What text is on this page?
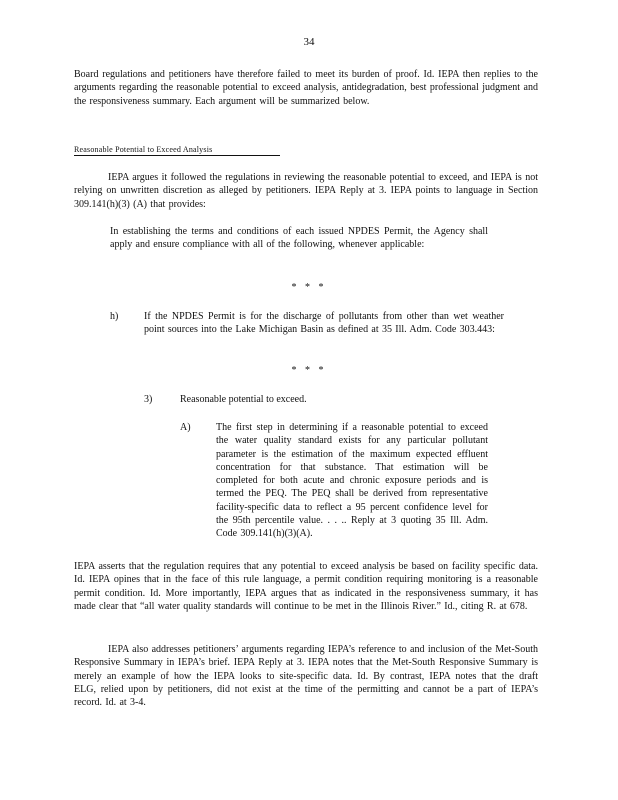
34

Board regulations and petitioners have therefore failed to meet its burden of proof. Id. IEPA then replies to the arguments regarding the reasonable potential to exceed analysis, antidegradation, best professional judgment and the responsiveness summary. Each argument will be summarized below.

Reasonable Potential to Exceed Analysis

IEPA argues it followed the regulations in reviewing the reasonable potential to exceed, and IEPA is not relying on unwritten discretion as alleged by petitioners. IEPA Reply at 3. IEPA points to language in Section 309.141(h)(3) (A) that provides:

In establishing the terms and conditions of each issued NPDES Permit, the Agency shall apply and ensure compliance with all of the following, whenever applicable:

* * *
h)	If the NPDES Permit is for the discharge of pollutants from other than wet weather point sources into the Lake Michigan Basin as defined at 35 Ill. Adm. Code 303.443:

* * *
3)	Reasonable potential to exceed.
A)	The first step in determining if a reasonable potential to exceed the water quality standard exists for any particular pollutant parameter is the estimation of the maximum expected effluent concentration for that substance. That estimation will be completed for both acute and chronic exposure periods and is termed the PEQ. The PEQ shall be derived from representative facility-specific data to reflect a 95 percent confidence level for the 95th percentile value. . . .. Reply at 3 quoting 35 Ill. Adm. Code 309.141(h)(3)(A).

IEPA asserts that the regulation requires that any potential to exceed analysis be based on facility specific data. Id. IEPA opines that in the face of this rule language, a permit condition requiring monitoring is a reasonable permit condition. Id. More importantly, IEPA argues that as indicated in the responsiveness summary, it has made clear that “all water quality standards will continue to be met in the Illinois River.” Id., citing R. at 678.

IEPA also addresses petitioners’ arguments regarding IEPA’s reference to and inclusion of the Met-South Responsive Summary in IEPA’s brief. IEPA Reply at 3. IEPA notes that the Met-South Responsive Summary is merely an example of how the IEPA looks to site-specific data. Id. By contrast, IEPA notes that the draft ELG, relied upon by petitioners, did not exist at the time of the permitting and cannot be a part of IEPA’s record. Id. at 3-4.
